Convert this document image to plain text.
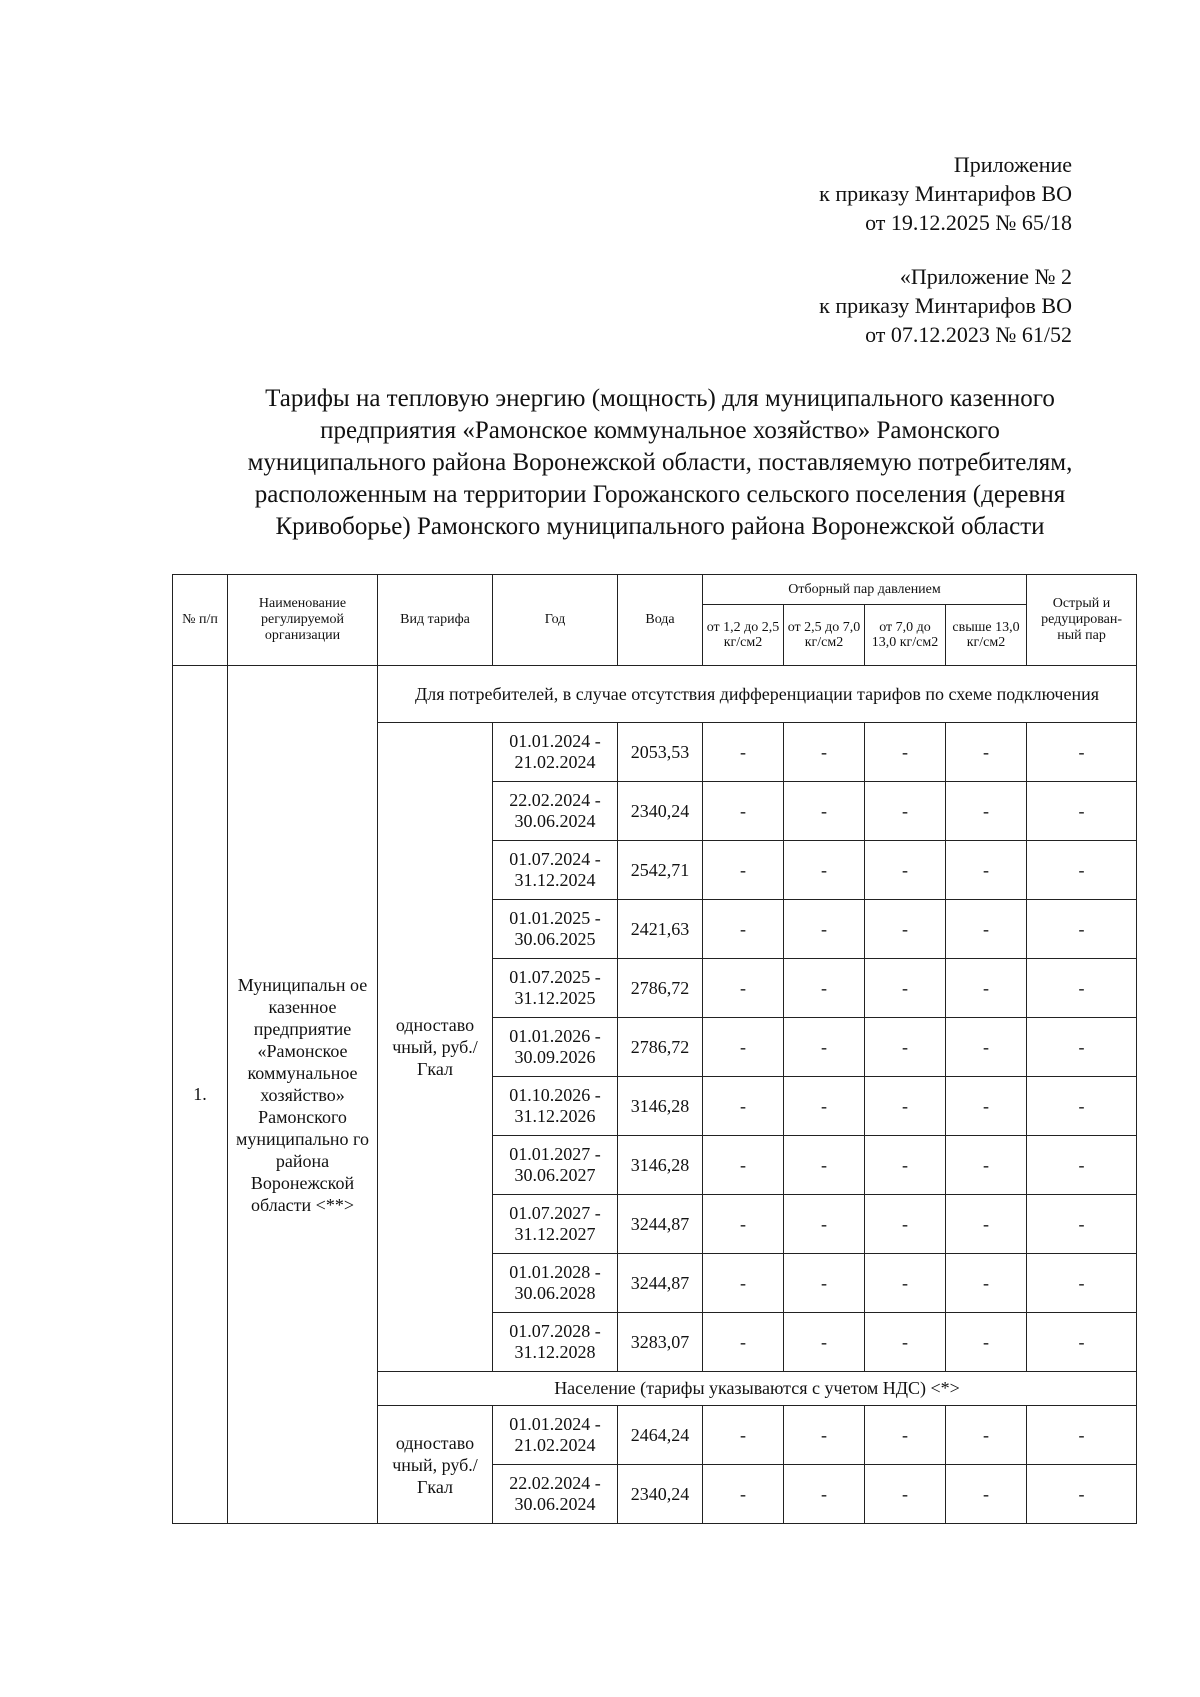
Приложение
к приказу Минтарифов ВО
от 19.12.2025 № 65/18
«Приложение № 2
к приказу Минтарифов ВО
от 07.12.2023 № 61/52
Тарифы на тепловую энергию (мощность) для муниципального казенного
предприятия «Рамонское коммунальное хозяйство» Рамонского
муниципального района Воронежской области, поставляемую потребителям,
расположенным на территории Горожанского сельского поселения (деревня
Кривоборье) Рамонского муниципального района Воронежской области
№ п/п	Наименование регулируемой организации	Вид тарифа	Год	Вода	Отборный пар давлением				Острый и редуцирован-ный пар
					от 1,2 до 2,5 кг/см2	от 2,5 до 7,0 кг/см2	от 7,0 до 13,0 кг/см2	свыше 13,0 кг/см2	
1.	Муниципальн ое казенное предприятие «Рамонское коммунальное хозяйство» Рамонского муниципально го района Воронежской области <**>	Для потребителей, в случае отсутствия дифференциации тарифов по схеме подключения							
		одноставо чный, руб./Гкал	01.01.2024 - 21.02.2024	2053,53	-	-	-	-	-
			22.02.2024 - 30.06.2024	2340,24	-	-	-	-	-
			01.07.2024 - 31.12.2024	2542,71	-	-	-	-	-
			01.01.2025 - 30.06.2025	2421,63	-	-	-	-	-
			01.07.2025 - 31.12.2025	2786,72	-	-	-	-	-
			01.01.2026 - 30.09.2026	2786,72	-	-	-	-	-
			01.10.2026 - 31.12.2026	3146,28	-	-	-	-	-
			01.01.2027 - 30.06.2027	3146,28	-	-	-	-	-
			01.07.2027 - 31.12.2027	3244,87	-	-	-	-	-
			01.01.2028 - 30.06.2028	3244,87	-	-	-	-	-
			01.07.2028 - 31.12.2028	3283,07	-	-	-	-	-
		Население (тарифы указываются с учетом НДС) <*>							
		одноставо чный, руб./Гкал	01.01.2024 - 21.02.2024	2464,24	-	-	-	-	-
			22.02.2024 - 30.06.2024	2340,24	-	-	-	-	-
